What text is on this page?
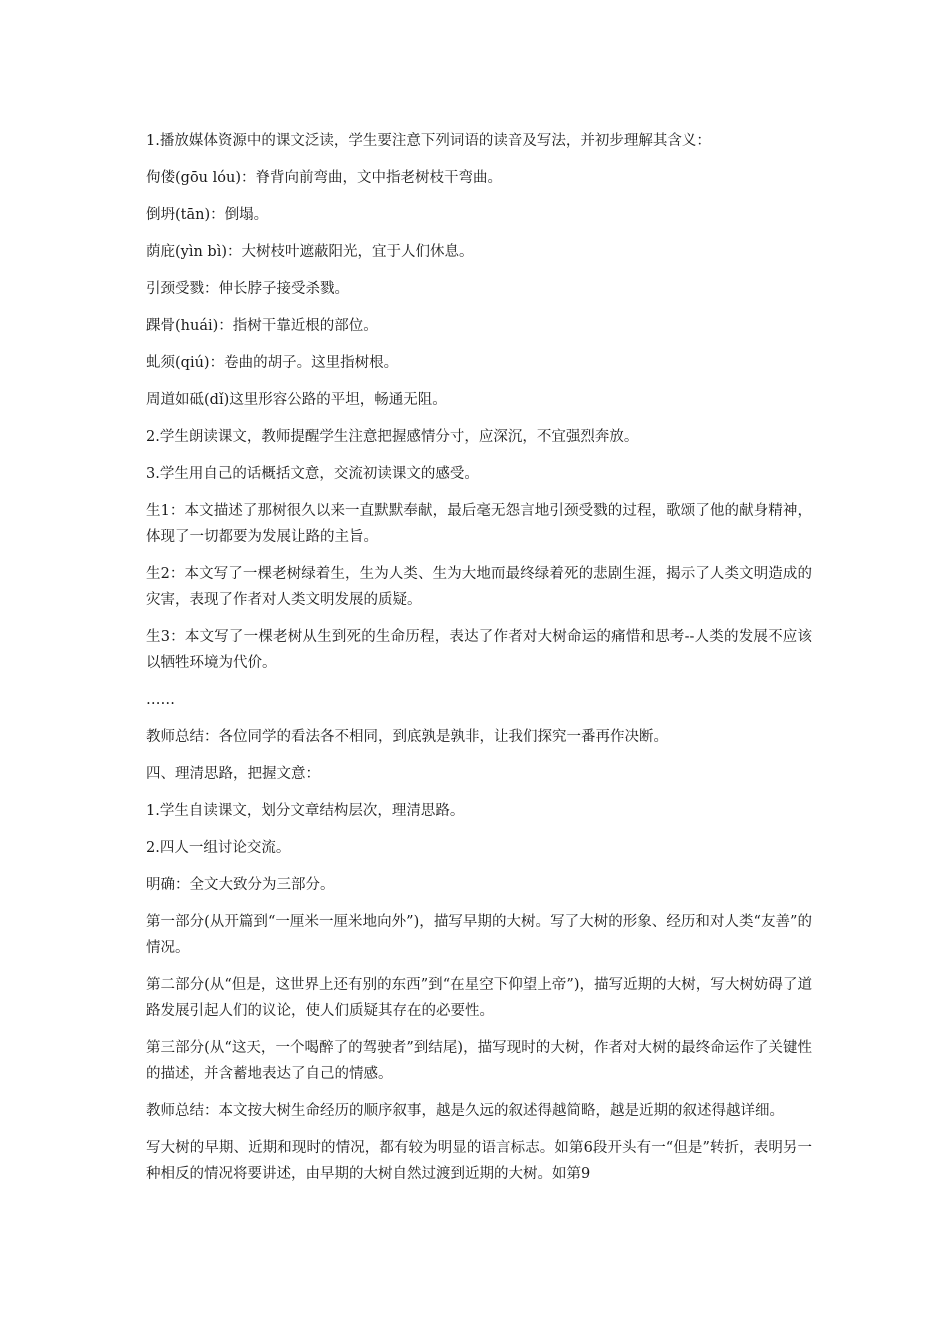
1.播放媒体资源中的课文泛读，学生要注意下列词语的读音及写法，并初步理解其含义：

佝偻(gōu lóu)：脊背向前弯曲，文中指老树枝干弯曲。

倒坍(tān)：倒塌。

荫庇(yìn bì)：大树枝叶遮蔽阳光，宜于人们休息。

引颈受戮：伸长脖子接受杀戮。

踝骨(huái)：指树干靠近根的部位。

虬须(qiú)：卷曲的胡子。这里指树根。

周道如砥(dǐ)这里形容公路的平坦，畅通无阻。

2.学生朗读课文，教师提醒学生注意把握感情分寸，应深沉，不宜强烈奔放。

3.学生用自己的话概括文意，交流初读课文的感受。

生1：本文描述了那树很久以来一直默默奉献，最后毫无怨言地引颈受戮的过程，歌颂了他的献身精神，体现了一切都要为发展让路的主旨。

生2：本文写了一棵老树绿着生，生为人类、生为大地而最终绿着死的悲剧生涯，揭示了人类文明造成的灾害，表现了作者对人类文明发展的质疑。

生3：本文写了一棵老树从生到死的生命历程，表达了作者对大树命运的痛惜和思考--人类的发展不应该以牺牲环境为代价。

……

教师总结：各位同学的看法各不相同，到底孰是孰非，让我们探究一番再作决断。

四、理清思路，把握文意：

1.学生自读课文，划分文章结构层次，理清思路。

2.四人一组讨论交流。

明确：全文大致分为三部分。

第一部分(从开篇到“一厘米一厘米地向外”)，描写早期的大树。写了大树的形象、经历和对人类“友善”的情况。

第二部分(从“但是，这世界上还有别的东西”到“在星空下仰望上帝”)，描写近期的大树，写大树妨碍了道路发展引起人们的议论，使人们质疑其存在的必要性。

第三部分(从“这天，一个喝醉了的驾驶者”到结尾)，描写现时的大树，作者对大树的最终命运作了关键性的描述，并含蓄地表达了自己的情感。

教师总结：本文按大树生命经历的顺序叙事，越是久远的叙述得越简略，越是近期的叙述得越详细。

写大树的早期、近期和现时的情况，都有较为明显的语言标志。如第6段开头有一“但是”转折，表明另一种相反的情况将要讲述，由早期的大树自然过渡到近期的大树。如第9
